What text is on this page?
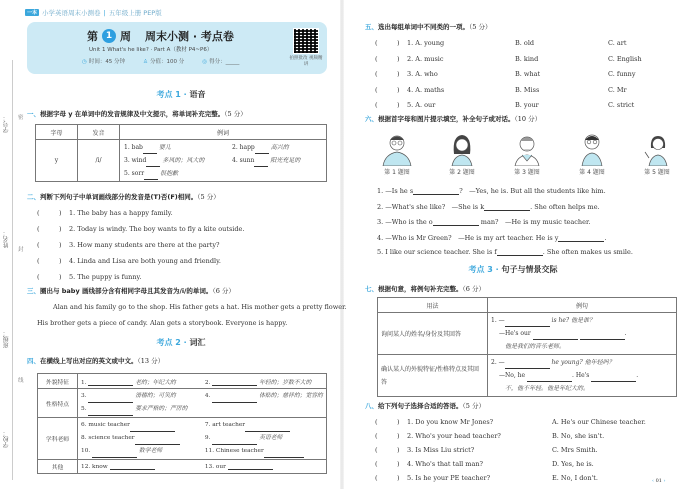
一本 小学英语周末小测卷 | 五年级上册 PEP版
第 1 周 周末小测 · 考点卷
Unit 1 What's he like? · Part A（教材 P4~P6）
◷ 时间：45 分钟	♙ 分值：100 分	◎ 得分：_____
拍照批改 视频精讲
学号：
姓名：
班级：
学校：
密
封
线
考点 1 · 语音
一、根据字母 y 在单词中的发音规律及中文提示，将单词补充完整。（5 分）
字母	发音	例词
y	/i/	1. bab 婴儿 2. happ 高兴的
3. wind 多风的；风大的 4. sunn 阳光充足的
5. sorr 很抱歉
二、判断下列句子中单词画线部分的发音是(T)否(F)相同。（5 分）
(　　　) 1. The baby has a happy family.
(　　　) 2. Today is windy. The boy wants to fly a kite outside.
(　　　) 3. How many students are there at the party?
(　　　) 4. Linda and Lisa are both young and friendly.
(　　　) 5. The puppy is funny.
三、圈出与 baby 画线部分含有相同字母且其发音为/i/的单词。（6 分）
Alan and his family go to the shop. His father gets a hat. His mother gets a pretty flower.
His brother gets a piece of candy. Alan gets a storybook. Everyone is happy.
考点 2 · 词汇
四、在横线上写出对应的英文或中文。（13 分）
外貌特征	1. 老的；年纪大的 2. 年轻的；岁数不大的
性格特点	3. 滑稽的；可笑的 4. 体贴的；慈祥的；宽容的
5. 要求严格的；严厉的

学科老师	6. music teacher 7. art teacher
8. science teacher 9. 英语老师
10. 数学老师 11. Chinese teacher

其他	12. know 13. our
五、选出每组单词中不同类的一项。（5 分）
(　　　) 1. A. young	B. old	C. art
(　　　) 2. A. music	B. kind	C. English
(　　　) 3. A. who	B. what	C. funny
(　　　) 4. A. maths	B. Miss	C. Mr
(　　　) 5. A. our	B. your	C. strict
六、根据首字母和图片提示填空，补全句子或对话。（10 分）
第 1 题图	第 2 题图	第 3 题图	第 4 题图	第 5 题图
1. —Is he s	?　—Yes, he is. But all the students like him.
2. —What's she like?　—She is k	. She often helps me.
3. —Who is the o	man?　—He is my music teacher.
4. —Who is Mr Green?　—He is my art teacher. He is y	.
5. I like our science teacher. She is f	. She often makes us smile.
考点 3 · 句子与情景交际
七、根据句意，将例句补充完整。（6 分）
用法	例句
询问某人的姓名/身份及其回答	1. — is he? 他是谁？
—He's our .
他是我们的音乐老师。

确认某人的外貌特征/性格特点及其回答	2. — he young? 他年轻吗？
—No, he . He's .
不，他不年轻。他是年纪大的。
八、给下列句子选择合适的答语。（5 分）
(　　　) 1. Do you know Mr Jones?	A. He's our Chinese teacher.
(　　　) 2. Who's your head teacher?	B. No, she isn't.
(　　　) 3. Is Miss Liu strict?	C. Mrs Smith.
(　　　) 4. Who's that tall man?	D. Yes, he is.
(　　　) 5. Is he your PE teacher?	E. No, I don't.	‹ 01 ›
